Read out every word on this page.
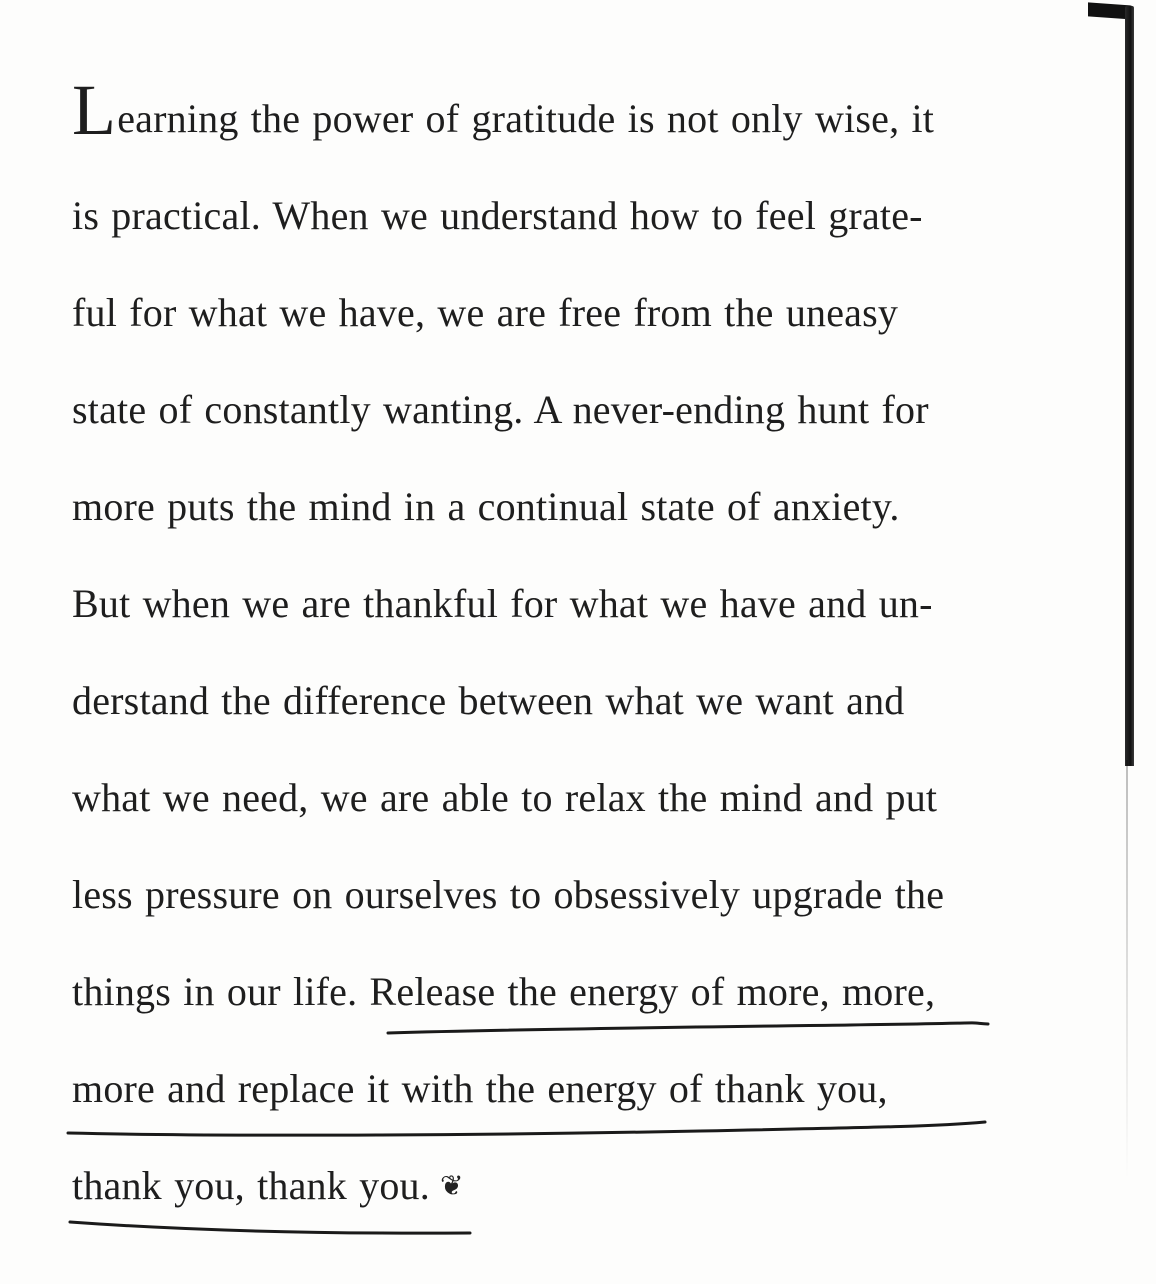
Learning the power of gratitude is not only wise, it
is practical. When we understand how to feel grate-
ful for what we have, we are free from the uneasy
state of constantly wanting. A never-ending hunt for
more puts the mind in a continual state of anxiety.
But when we are thankful for what we have and un-
derstand the difference between what we want and
what we need, we are able to relax the mind and put
less pressure on ourselves to obsessively upgrade the
things in our life. Release the energy of more, more,
more and replace it with the energy of thank you,
thank you, thank you. ❦
